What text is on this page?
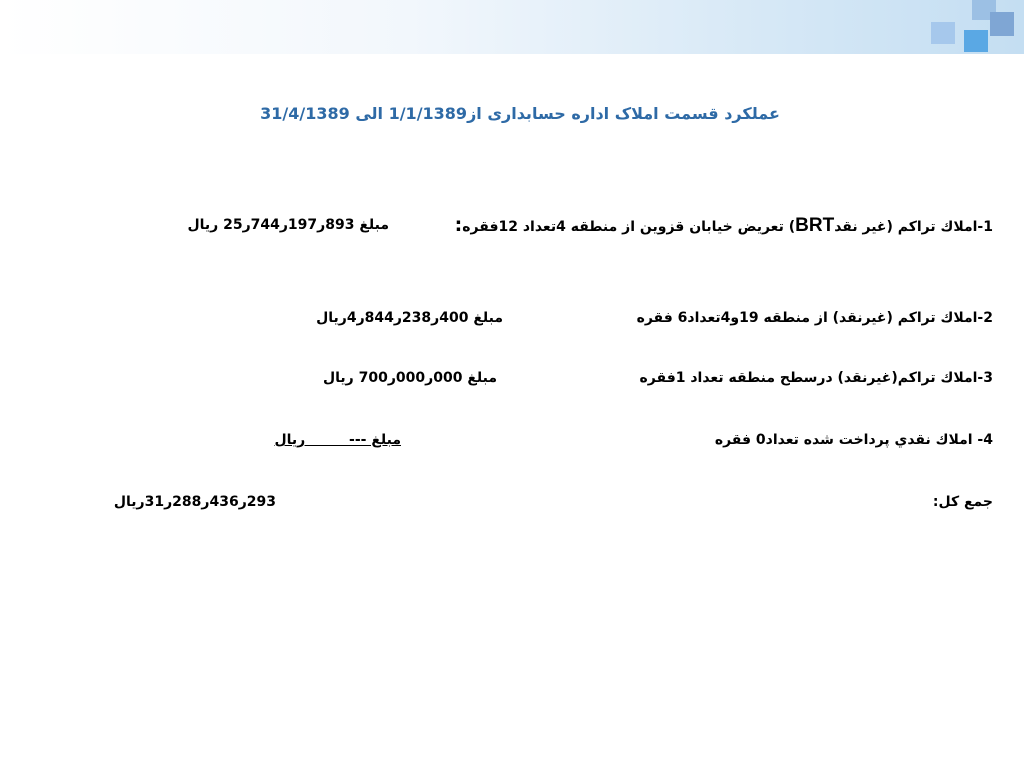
عملکرد قسمت املاک اداره حسابداری از1/1/1389 الی 31/4/1389
1-املاك تراكم (غير نقدBRT) تعريض خيابان قزوين از منطقه 4تعداد 12فقره:
مبلغ 893ر197ر744ر25 ريال
2-املاك تراكم (غيرنقد) از منطقه 19و4تعداد6 فقره
مبلغ 400ر238ر844ر4ريال
3-املاك تراكم(غيرنقد) درسطح منطقه تعداد 1فقره
مبلغ 000ر000ر700 ريال
4- املاك نقدي پرداخت شده تعداد0 فقره
مبلغ ---         ريال
جمع كل:
293ر436ر288ر31ريال
